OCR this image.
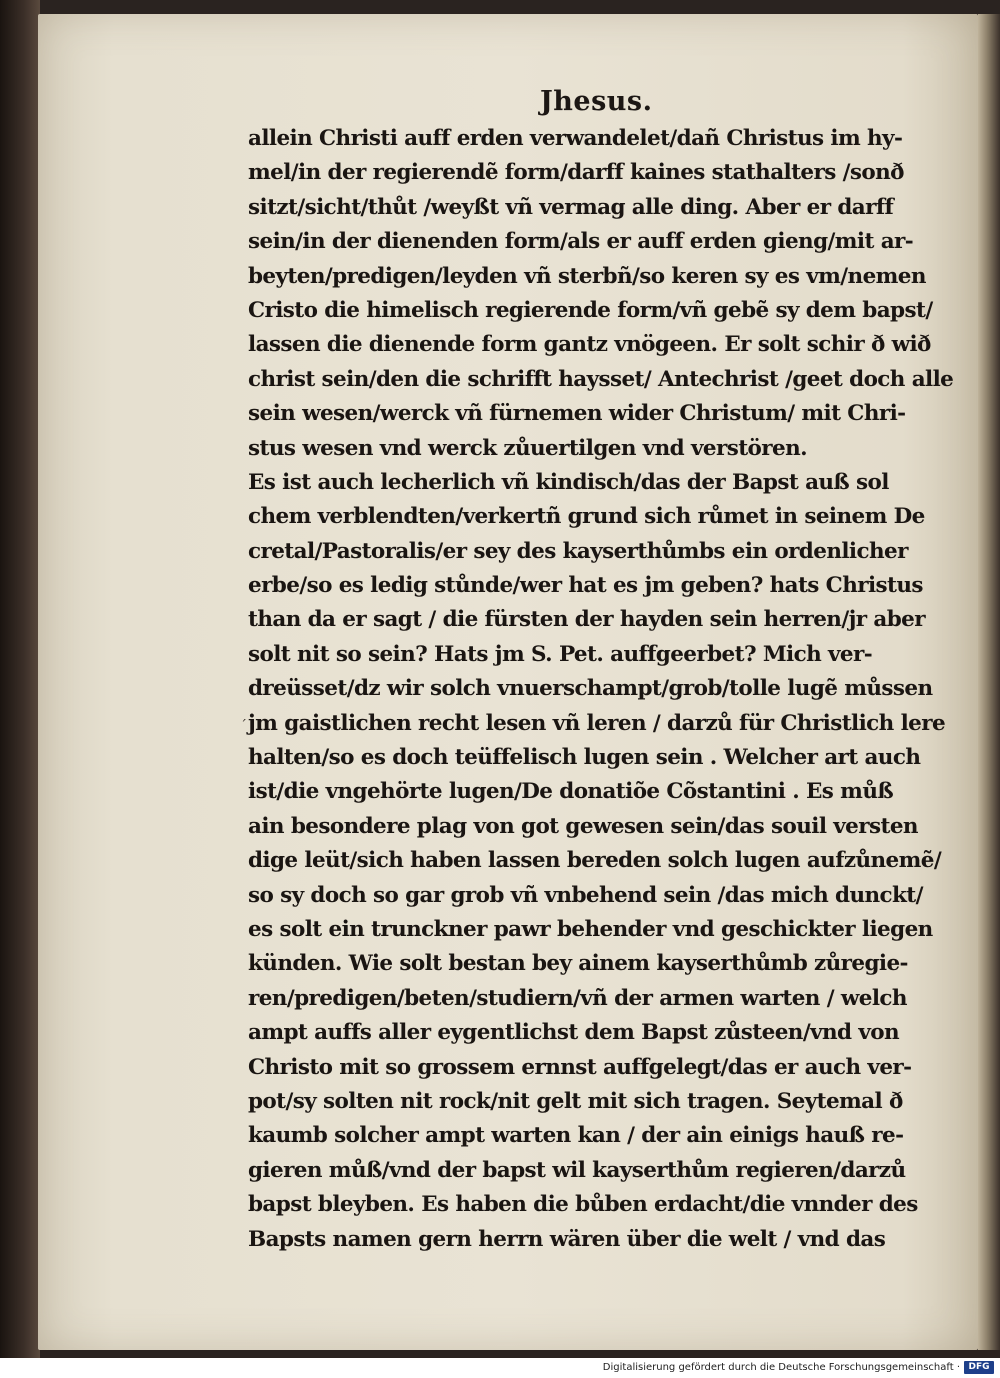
Jhesus.
ˊ
allein Christi auff erden verwandelet/dañ Christus im hy-
mel/in der regierendẽ form/darff kaines stathalters /sonð
sitzt/sicht/thůt /weyßt vñ vermag alle ding. Aber er darff
sein/in der dienenden form/als er auff erden gieng/mit ar-
beyten/predigen/leyden vñ sterbñ/so keren sy es vm/nemen
Cristo die himelisch regierende form/vñ gebẽ sy dem bapst/
lassen die dienende form gantz vnögeen. Er solt schir ð wið
christ sein/den die schrifft haysset/ Antechrist /geet doch alle
sein wesen/werck vñ fürnemen wider Christum/ mit Chri-
stus wesen vnd werck zůuertilgen vnd verstören.
Es ist auch lecherlich vñ kindisch/das der Bapst auß sol
chem verblendten/verkertñ grund sich růmet in seinem De
cretal/Pastoralis/er sey des kayserthůmbs ein ordenlicher
erbe/so es ledig stůnde/wer hat es jm geben? hats Christus
than da er sagt / die fürsten der hayden sein herren/jr aber
solt nit so sein? Hats jm S. Pet. auffgeerbet? Mich ver-
dreüsset/dz wir solch vnuerschampt/grob/tolle lugẽ můssen
jm gaistlichen recht lesen vñ leren / darzů für Christlich lere
halten/so es doch teüffelisch lugen sein . Welcher art auch
ist/die vngehörte lugen/De donatiõe Cõstantini . Es můß
ain besondere plag von got gewesen sein/das souil versten
dige leüt/sich haben lassen bereden solch lugen aufzůnemẽ/
so sy doch so gar grob vñ vnbehend sein /das mich dunckt/
es solt ein trunckner pawr behender vnd geschickter liegen
künden. Wie solt bestan bey ainem kayserthůmb zůregie-
ren/predigen/beten/studiern/vñ der armen warten / welch
ampt auffs aller eygentlichst dem Bapst zůsteen/vnd von
Christo mit so grossem ernnst auffgelegt/das er auch ver-
pot/sy solten nit rock/nit gelt mit sich tragen. Seytemal ð
kaumb solcher ampt warten kan / der ain einigs hauß re-
gieren můß/vnd der bapst wil kayserthům regieren/darzů
bapst bleyben. Es haben die bůben erdacht/die vnnder des
Bapsts namen gern herrn wären über die welt / vnd das
Digitalisierung gefördert durch die Deutsche Forschungsgemeinschaft · DFG
